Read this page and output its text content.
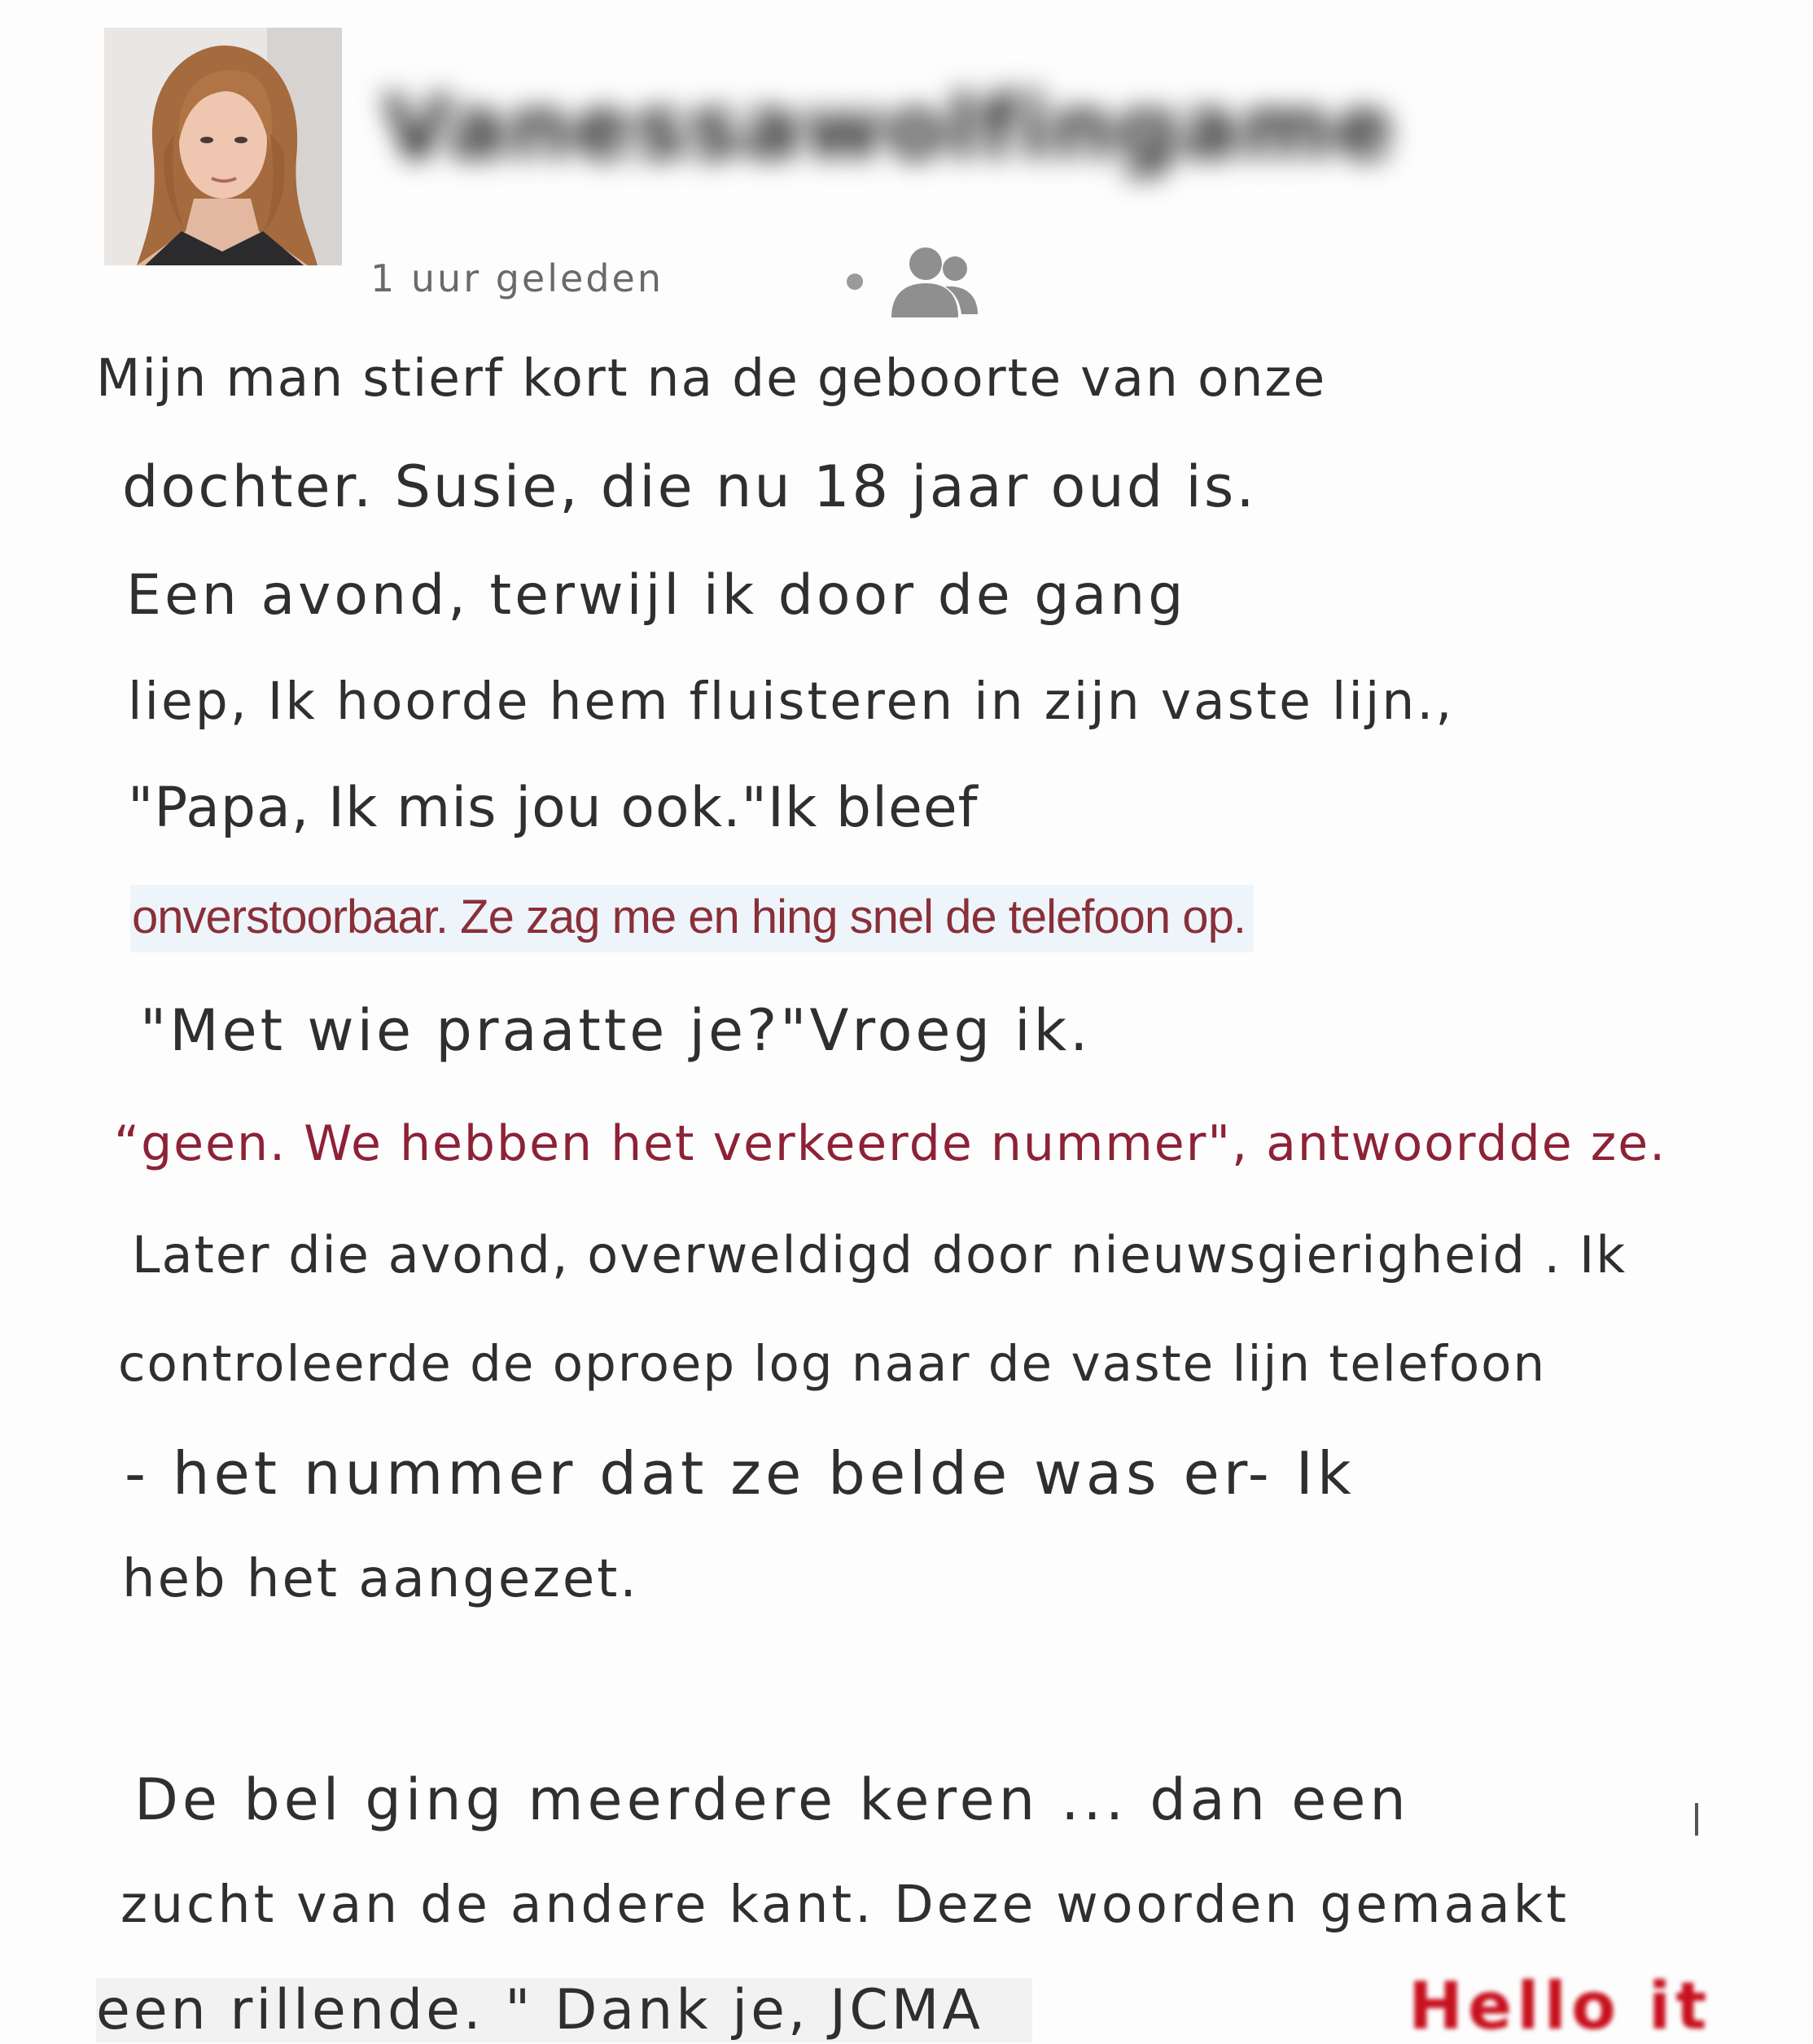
Vanessawolfingame
1 uur geleden
Mijn man stierf kort na de geboorte van onze
dochter. Susie, die nu 18 jaar oud is.
Een avond, terwijl ik door de gang
liep, Ik hoorde hem fluisteren in zijn vaste lijn.,
"Papa, Ik mis jou ook."Ik bleef
onverstoorbaar. Ze zag me en hing snel de telefoon op.
"Met wie praatte je?"Vroeg ik.
“geen. We hebben het verkeerde nummer", antwoordde ze.
Later die avond, overweldigd door nieuwsgierigheid . Ik
controleerde de oproep log naar de vaste lijn telefoon
- het nummer dat ze belde was er- Ik
heb het aangezet.
De bel ging meerdere keren ... dan een
zucht van de andere kant. Deze woorden gemaakt
een rillende. " Dank je, JCMA	Hello it
